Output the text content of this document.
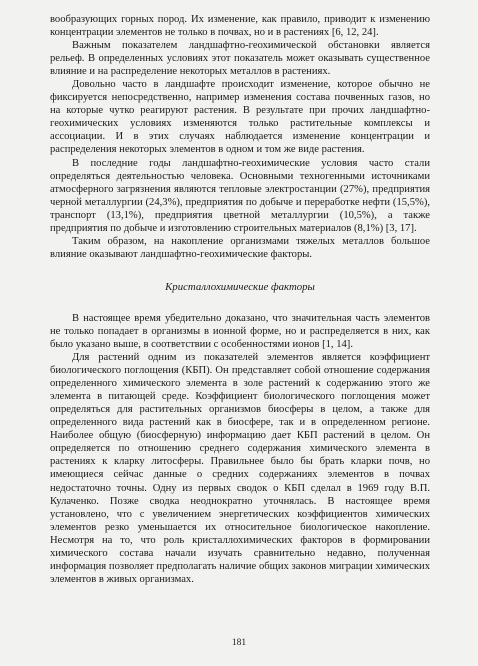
вообразующих горных пород. Их изменение, как правило, приводит к изменению концентрации элементов не только в почвах, но и в растениях [6, 12, 24].

Важным показателем ландшафтно-геохимической обстановки является рельеф. В определенных условиях этот показатель может оказывать существенное влияние и на распределение некоторых металлов в растениях.

Довольно часто в ландшафте происходит изменение, которое обычно не фиксируется непосредственно, например изменения состава почвенных газов, но на которые чутко реагируют растения. В результате при прочих ландшафтно-геохимических условиях изменяются только растительные комплексы и ассоциации. И в этих случаях наблюдается изменение концентрации и распределения некоторых элементов в одном и том же виде растения.

В последние годы ландшафтно-геохимические условия часто стали определяться деятельностью человека. Основными техногенными источниками атмосферного загрязнения являются тепловые электростанции (27%), предприятия черной металлургии (24,3%), предприятия по добыче и переработке нефти (15,5%), транспорт (13,1%), предприятия цветной металлургии (10,5%), а также предприятия по добыче и изготовлению строительных материалов (8,1%) [3, 17].

Таким образом, на накопление организмами тяжелых металлов большое влияние оказывают ландшафтно-геохимические факторы.

Кристаллохимические факторы

В настоящее время убедительно доказано, что значительная часть элементов не только попадает в организмы в ионной форме, но и распределяется в них, как было указано выше, в соответствии с особенностями ионов [1, 14].

Для растений одним из показателей элементов является коэффициент биологического поглощения (КБП). Он представляет собой отношение содержания определенного химического элемента в золе растений к содержанию этого же элемента в питающей среде. Коэффициент биологического поглощения может определяться для растительных организмов биосферы в целом, а также для определенного вида растений как в биосфере, так и в определенном регионе. Наиболее общую (биосферную) информацию дает КБП растений в целом. Он определяется по отношению среднего содержания химического элемента в растениях к кларку литосферы. Правильнее было бы брать кларки почв, но имеющиеся сейчас данные о средних содержаниях элементов в почвах недостаточно точны. Одну из первых сводок о КБП сделал в 1969 году В.П. Кулаченко. Позже сводка неоднократно уточнялась. В настоящее время установлено, что с увеличением энергетических коэффициентов химических элементов резко уменьшается их относительное биологическое накопление. Несмотря на то, что роль кристаллохимических факторов в формировании химического состава начали изучать сравнительно недавно, полученная информация позволяет предполагать наличие общих законов миграции химических элементов в живых организмах.

181
